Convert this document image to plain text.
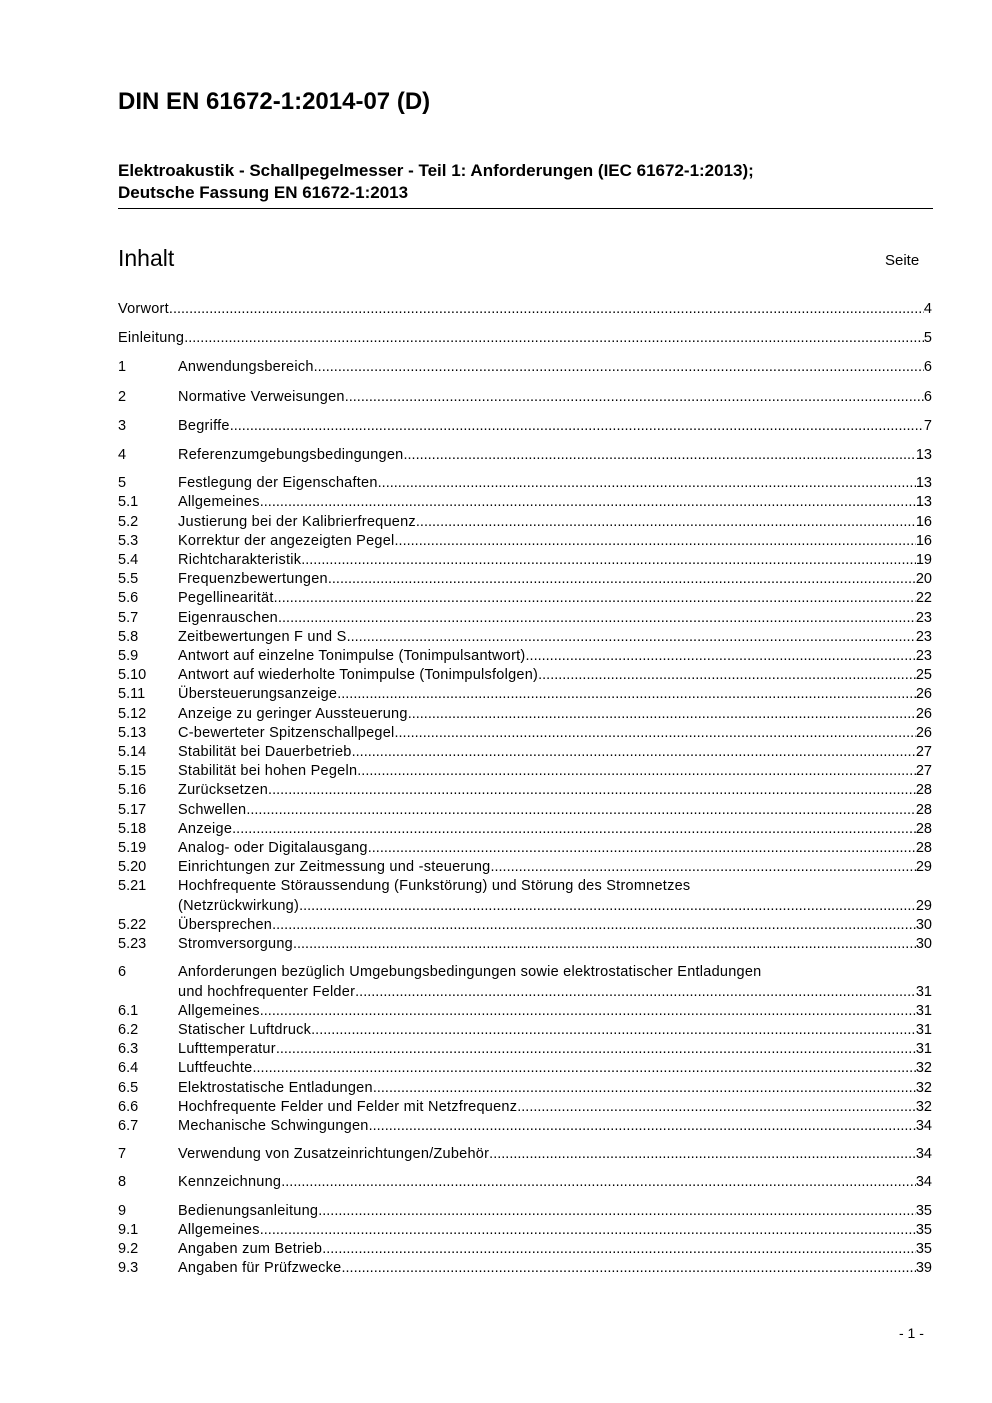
DIN EN 61672-1:2014-07 (D)
Elektroakustik - Schallpegelmesser - Teil 1: Anforderungen (IEC 61672-1:2013);
Deutsche Fassung EN 61672-1:2013
Inhalt	Seite
Vorwort .....	4
Einleitung .....	5
1	Anwendungsbereich .....	6
2	Normative Verweisungen .....	6
3	Begriffe .....	7
4	Referenzumgebungsbedingungen .....	13
5	Festlegung der Eigenschaften .....	13
5.1	Allgemeines .....	13
5.2	Justierung bei der Kalibrierfrequenz .....	16
5.3	Korrektur der angezeigten Pegel .....	16
5.4	Richtcharakteristik .....	19
5.5	Frequenzbewertungen .....	20
5.6	Pegellinearität .....	22
5.7	Eigenrauschen .....	23
5.8	Zeitbewertungen F und S .....	23
5.9	Antwort auf einzelne Tonimpulse (Tonimpulsantwort) .....	23
5.10	Antwort auf wiederholte Tonimpulse (Tonimpulsfolgen) .....	25
5.11	Übersteuerungsanzeige .....	26
5.12	Anzeige zu geringer Aussteuerung .....	26
5.13	C-bewerteter Spitzenschallpegel .....	26
5.14	Stabilität bei Dauerbetrieb .....	27
5.15	Stabilität bei hohen Pegeln .....	27
5.16	Zurücksetzen .....	28
5.17	Schwellen .....	28
5.18	Anzeige .....	28
5.19	Analog- oder Digitalausgang .....	28
5.20	Einrichtungen zur Zeitmessung und -steuerung .....	29
5.21	Hochfrequente Störaussendung (Funkstörung) und Störung des Stromnetzes
(Netzrückwirkung) .....	29
5.22	Übersprechen .....	30
5.23	Stromversorgung .....	30
6	Anforderungen bezüglich Umgebungsbedingungen sowie elektrostatischer Entladungen
und hochfrequenter Felder .....	31
6.1	Allgemeines .....	31
6.2	Statischer Luftdruck .....	31
6.3	Lufttemperatur .....	31
6.4	Luftfeuchte .....	32
6.5	Elektrostatische Entladungen .....	32
6.6	Hochfrequente Felder und Felder mit Netzfrequenz .....	32
6.7	Mechanische Schwingungen .....	34
7	Verwendung von Zusatzeinrichtungen/Zubehör .....	34
8	Kennzeichnung .....	34
9	Bedienungsanleitung .....	35
9.1	Allgemeines .....	35
9.2	Angaben zum Betrieb .....	35
9.3	Angaben für Prüfzwecke .....	39
- 1 -
